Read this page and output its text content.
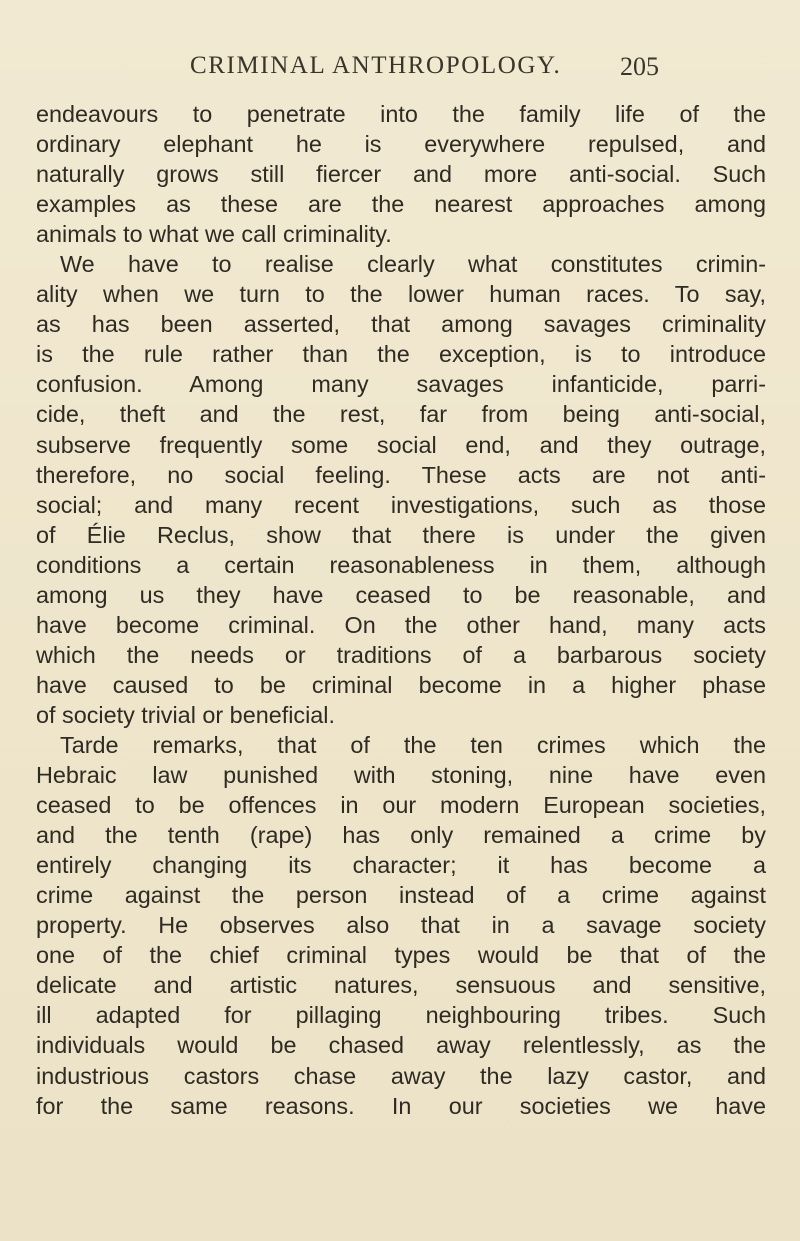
CRIMINAL ANTHROPOLOGY. 205
endeavours to penetrate into the family life of the
ordinary elephant he is everywhere repulsed, and
naturally grows still fiercer and more anti-social. Such
examples as these are the nearest approaches among
animals to what we call criminality.
We have to realise clearly what constitutes crimin-
ality when we turn to the lower human races. To say,
as has been asserted, that among savages criminality
is the rule rather than the exception, is to introduce
confusion. Among many savages infanticide, parri-
cide, theft and the rest, far from being anti-social,
subserve frequently some social end, and they outrage,
therefore, no social feeling. These acts are not anti-
social; and many recent investigations, such as those
of Élie Reclus, show that there is under the given
conditions a certain reasonableness in them, although
among us they have ceased to be reasonable, and
have become criminal. On the other hand, many acts
which the needs or traditions of a barbarous society
have caused to be criminal become in a higher phase
of society trivial or beneficial.
Tarde remarks, that of the ten crimes which the
Hebraic law punished with stoning, nine have even
ceased to be offences in our modern European societies,
and the tenth (rape) has only remained a crime by
entirely changing its character; it has become a
crime against the person instead of a crime against
property. He observes also that in a savage society
one of the chief criminal types would be that of the
delicate and artistic natures, sensuous and sensitive,
ill adapted for pillaging neighbouring tribes. Such
individuals would be chased away relentlessly, as the
industrious castors chase away the lazy castor, and
for the same reasons. In our societies we have
